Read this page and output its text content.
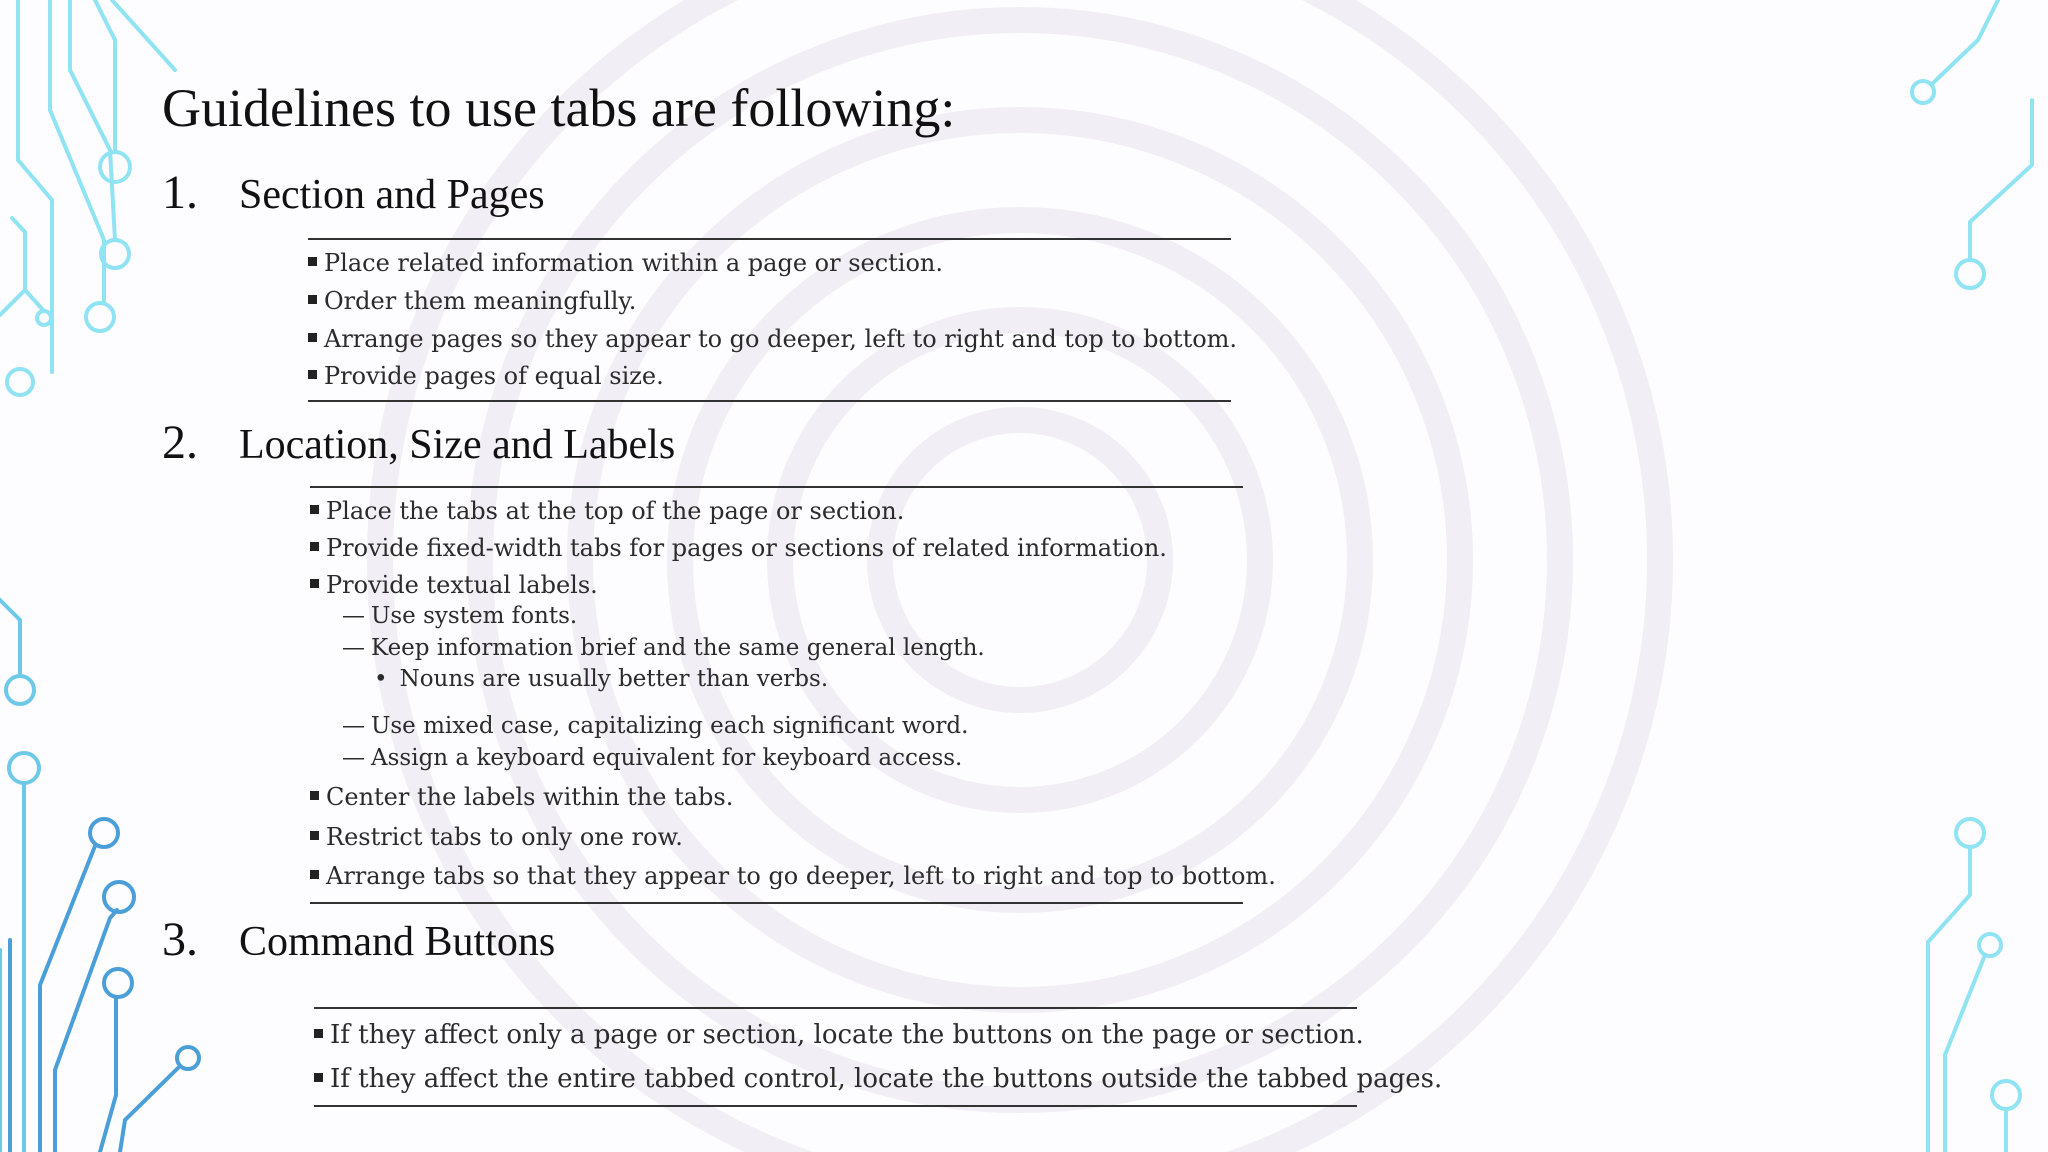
Guidelines to use tabs are following:
1. Section and Pages
Place related information within a page or section.
Order them meaningfully.
Arrange pages so they appear to go deeper, left to right and top to bottom.
Provide pages of equal size.
2. Location, Size and Labels
Place the tabs at the top of the page or section.
Provide fixed-width tabs for pages or sections of related information.
Provide textual labels.
— Use system fonts.
— Keep information brief and the same general length.
• Nouns are usually better than verbs.
— Use mixed case, capitalizing each significant word.
— Assign a keyboard equivalent for keyboard access.
Center the labels within the tabs.
Restrict tabs to only one row.
Arrange tabs so that they appear to go deeper, left to right and top to bottom.
3. Command Buttons
If they affect only a page or section, locate the buttons on the page or section.
If they affect the entire tabbed control, locate the buttons outside the tabbed pages.
